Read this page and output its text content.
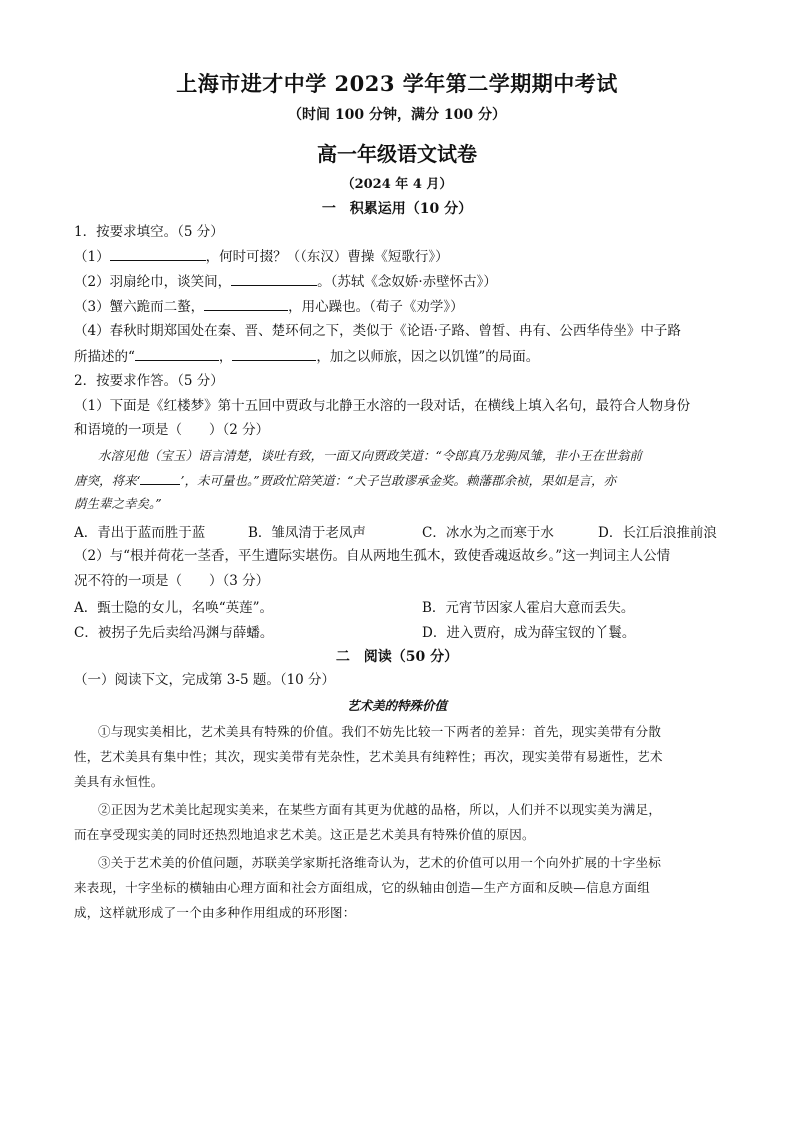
上海市进才中学 2023 学年第二学期期中考试
（时间 100 分钟，满分 100 分）
高一年级语文试卷
（2024 年 4 月）
一　积累运用（10 分）
1．按要求填空。（5 分）
（1）	，何时可掇？（（东汉）曹操《短歌行》）
（2）羽扇纶巾，谈笑间，	。（苏轼《念奴娇·赤壁怀古》）
（3）蟹六跪而二螯，	，用心躁也。（荀子《劝学》）
（4）春秋时期郑国处在秦、晋、楚环伺之下，类似于《论语·子路、曾皙、冉有、公西华侍坐》中子路
所描述的“	，	，加之以师旅，因之以饥馑”的局面。
2．按要求作答。（5 分）
（1）下面是《红楼梦》第十五回中贾政与北静王水溶的一段对话，在横线上填入名句，最符合人物身份
和语境的一项是（　　）（2 分）
水溶见他（宝玉）语言清楚，谈吐有致，一面又向贾政笑道：“令郎真乃龙驹凤雏，非小王在世翁前
唐突，将来‘	’，未可量也。”贾政忙陪笑道：“犬子岂敢谬承金奖。赖藩郡余祯，果如是言，亦
荫生辈之幸矣。”
A．青出于蓝而胜于蓝	B．雏凤清于老凤声	C．冰水为之而寒于水	D．长江后浪推前浪
（2）与“根并荷花一茎香，平生遭际实堪伤。自从两地生孤木，致使香魂返故乡。”这一判词主人公情
况不符的一项是（　　）（3 分）
A．甄士隐的女儿，名唤“英莲”。	B．元宵节因家人霍启大意而丢失。
C．被拐子先后卖给冯渊与薛蟠。	D．进入贾府，成为薛宝钗的丫鬟。
二　阅读（50 分）
（一）阅读下文，完成第 3-5 题。（10 分）
艺术美的特殊价值
①与现实美相比，艺术美具有特殊的价值。我们不妨先比较一下两者的差异：首先，现实美带有分散
性，艺术美具有集中性；其次，现实美带有芜杂性，艺术美具有纯粹性；再次，现实美带有易逝性，艺术
美具有永恒性。
②正因为艺术美比起现实美来，在某些方面有其更为优越的品格，所以，人们并不以现实美为满足，
而在享受现实美的同时还热烈地追求艺术美。这正是艺术美具有特殊价值的原因。
③关于艺术美的价值问题，苏联美学家斯托洛维奇认为，艺术的价值可以用一个向外扩展的十字坐标
来表现，十字坐标的横轴由心理方面和社会方面组成，它的纵轴由创造—生产方面和反映—信息方面组
成，这样就形成了一个由多种作用组成的环形图：
